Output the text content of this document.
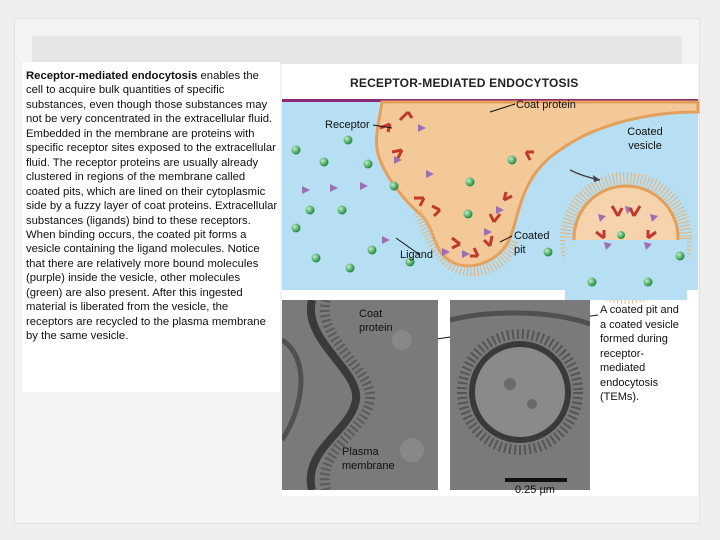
Receptor-mediated endocytosis enables the cell to acquire bulk quantities of specific substances, even though those substances may not be very concentrated in the extracellular fluid. Embedded in the membrane are proteins with specific receptor sites exposed to the extracellular fluid. The receptor proteins are usually already clustered in regions of the membrane called coated pits, which are lined on their cytoplasmic side by a fuzzy layer of coat proteins. Extracellular substances (ligands) bind to these receptors. When binding occurs, the coated pit forms a vesicle containing the ligand molecules. Notice that there are relatively more bound molecules (purple) inside the vesicle, other molecules (green) are also present. After this ingested material is liberated from the vesicle, the receptors are recycled to the plasma membrane by the same vesicle.

RECEPTOR-MEDIATED ENDOCYTOSIS
Coat protein
Receptor
Coated vesicle
Ligand
Coated pit
Coat protein
Plasma membrane
A coated pit and a coated vesicle formed during receptor-mediated endocytosis (TEMs).
0.25 µm
